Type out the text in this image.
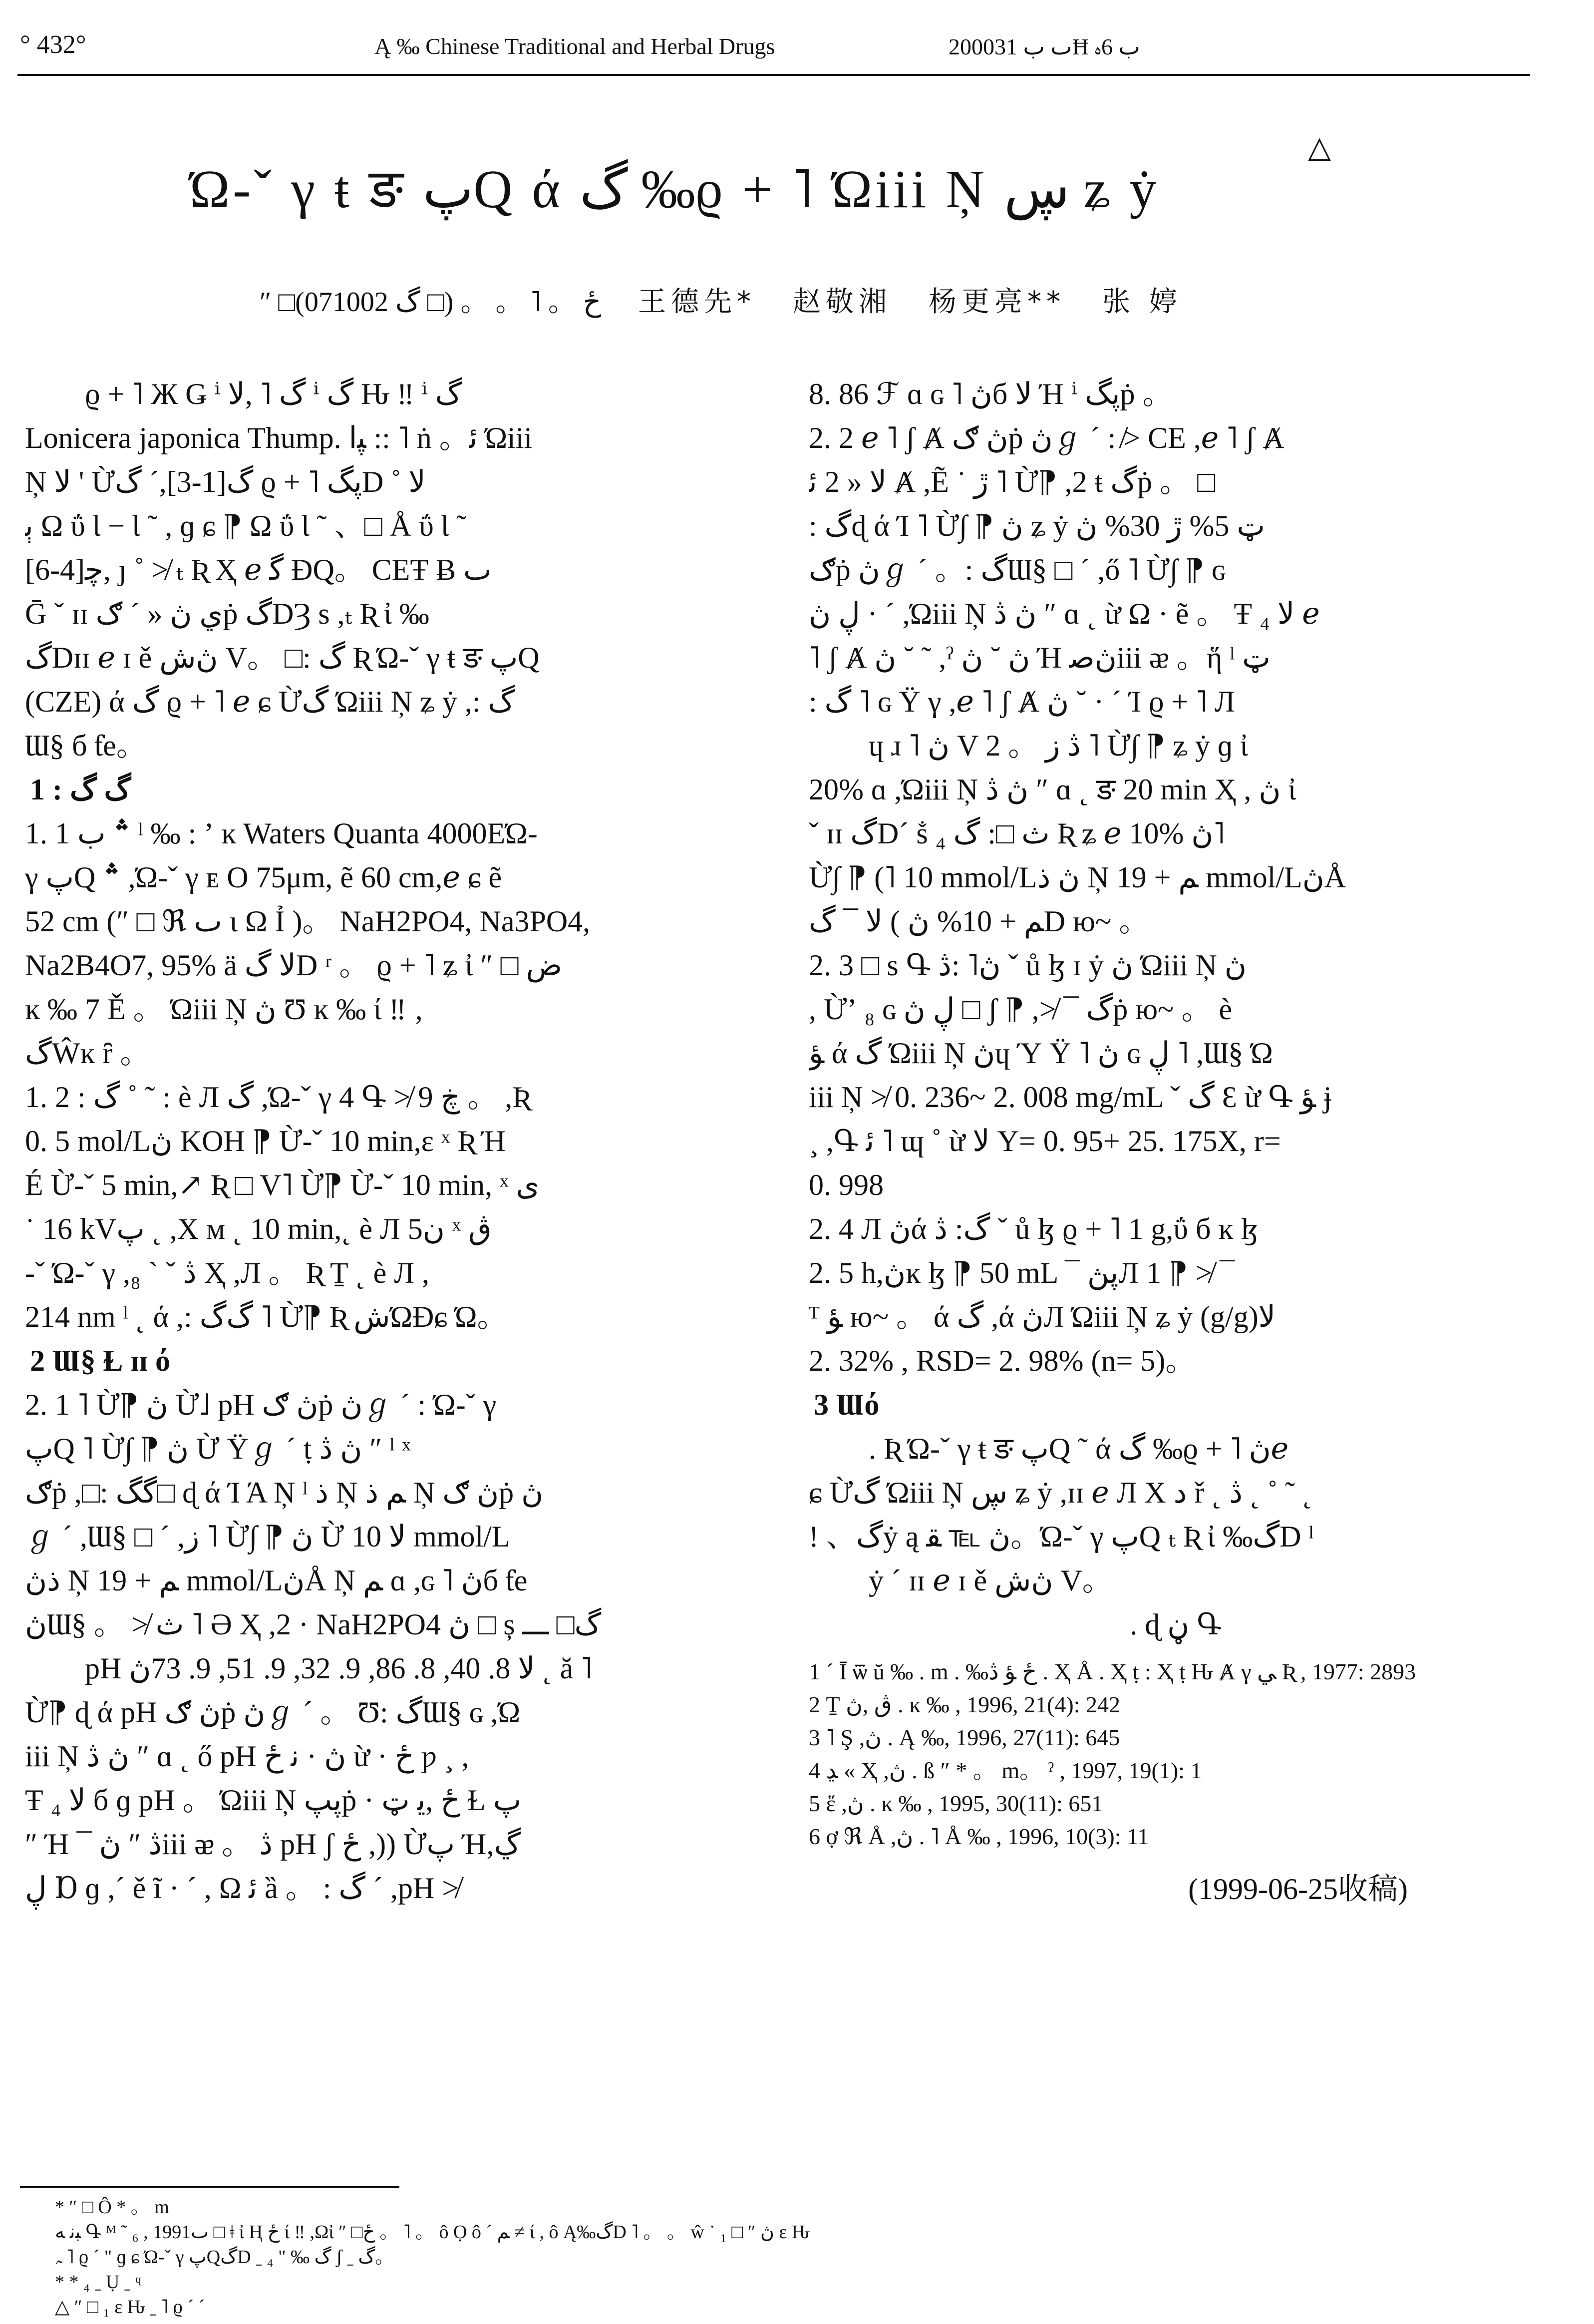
° 432°	Ą ‰ Chinese Traditional and Herbal Drugs	2000ٮ ب 31Ħ ب 6ﮦ
Ώ-ˇ γ ŧ ङ پQ ά گ ‰ϱ + ˥ Ώiii Ņ ڛ ʑ ẏ
△
″ □ځ 。 ˥ 。 。 (□ گ 071002) 王德先* 赵敬湘 杨更亮** 张 婷
ϱ + ˥ Ж Ǥ ⁱ گ ˥ ,ﻻ ⁱ گ Ԋ ‼ ⁱ گ
Lonicera japonica Thump. ﭙا :: ˥ ṅ 。ﺋ Ώiii
Ņ ﻻ ' Ừگ[1-3],ˊ ﮒ ϱ + ˥ ڽگD ˚ ﻻ
ﭔ Ω ΰ Ɩ − Ɩ ˜ , ɡ ɕ ⁋ Ω ΰ Ɩ ˜ 、□ Å ΰ Ɩ ˜
ﭼ[4-6], ȷ ˚ ≯ ₜ Ʀ Ҳ ℯ ﮔ ƉQ。 CEŦ Ƀ ٮ
Ḡ ˇ ɪɪ ﻱ ڽ « ˊ ګṗ گDȜ s ,ₜ Ʀ ἰ ‰
گDɪɪ ℯ ɪ ě ڽﺵ V。 □: ﮒ Ʀ Ώ-ˇ γ ŧ ङ پQ
(CZE) ά گ ϱ + ˥ ℯ ɕ Ừگ Ώiii Ņ ʑ ẏ ,: گ
Ɯ§ б ƭe。
1 : گ ﮒ
1. 1 ؞ ب ˡ ‰ : ʼ ĸ Waters Quanta 4000EΏ-
γ پQ ؞ ,Ώ-ˇ γ ᴇ Ο 75μm, ẽ 60 cm,ℯ ɕ ẽ
52 cm (″ □ ℜ ٮ ɩ Ω Ỉ )。 NaH2PO4, Na3PO4,
Na2B4O7, 95% ä ﻻ گD ʳ 。 ϱ + ˥ ʑ ἰ ″ □ ﺽ
ĸ ‰ 7 Ě 。 Ώiii Ņ ڽ Ʊ ĸ ‰ ί ‼ ‚
گŴĸ ȓ 。
1. 2 : گ ˚ ˜ : è Л ﮒ ,Ώ-ˇ γ 4 Գ ≯ 9 ڿ 。 ,Ʀ
0. 5 mol/Lڽ KOH ⁋ Ừ-ˇ 10 min,ε ˣ Ʀ Ή
É Ừ-ˇ 5 min,↗ Ʀ □ V˥ Ừ⁋ Ừ-ˇ 10 min, ˣ ﻯ
˙ 16 kVپ ˛ ,X м ˛ 10 min,˛ è Л 5ﻥ ˣ ڨ
-ˇ Ώ-ˇ γ ,ڎ ˇ ` ₈ Ҳ ,Л 。 Ʀ Ṯ ˛ è Л ,
214 nm ˡ ˛ ά ,: ﮒگ ˥ Ừ⁋ Ʀ ﺵΏÐɕ Ώ。
2 Ɯ§ Ɫ ɪɪ ό
2. 1 ˥ Ừ⁋ ڽ Ừ˩ pH ڽ ګṗ ڽℊ ˊ : Ώ-ˇ γ
پQ ˥ Ừ∫ ⁋ ڽ Ừ Ϋℊ ˊ ṭ ڽ ڎ ″ ˡ ˣ
ګṗ ,□: گگ□ ɖ ά Ί Ά Ņ ˡ ﺫ Ņ ﻢ ﺫ Ņ ڽ ګṗ ڽ
ℊ ˊ ,Ɯ§ □ ˊ ,ﺯ ˥ Ừ∫ ⁋ ڽ Ừ ﻻ 10 mmol/L
ﺫڽ Ņ ﻢ + 19 mmol/LڽÅ Ņ ﻢ ɑ ,ɢ ˥ ڽб ƭe
ڽƜ§ 。 ≯ ﺙ ˥ Ә Ҳ ,2 · NaH2PO4 ڽ □ ș گ□ ـــ
pH ﻻ 8. 40, 8. 86, 9. 32, 9. 51, 9. 73ڽ ˛ ă ˥
Ừ⁋ ɖ ά pH ڽ ګṗ ڽℊ ˊ 。 Ʊ: گƜ§ ɢ ,Ώ
iii Ņ ڽ ڎ ″ ɑ ˛ ő pH ڽ · ﻧ ځ ừ · ځ ƿ ¸ ,
Ŧ ₄ ﻻ б ɡ pH 。 Ώiii Ņ ڽپṗ · ځ ,ﯾ ټ Ɫ پ
″ Ή ¯ ڎ ″ ڽiii ᴂ 。 ڎ pH ʃ ځ ,)) Ừپ Ή,ڲ
ڸ Ɒ ɡ ,ˊ ě ĩ · ˊ , Ω ﺋ ȁ 。 : گ ˊ ,pH ≯
8. 86 ℱ ɑ ɢ ˥ ڽб ﻻ Ή ⁱ ڽگṗ 。
2. 2 ℯ ˥ ʃ Ⱥ ڽ ګṗ ڽℊ ˊ : ≯ CE ,ℯ ˥ ʃ Ⱥ
ﻻ « 2 ﺋ Ⱥ ,Ẽ ˙ ڙ ˥ Ừ⁋ ,2 ŧ گṗ 。 □
: گɖ ά Ί ˥ Ừ∫ ⁋ ڽ ʑ ẏ ټ 5% ڙ 30% ڽ
ګṗ ڽℊ ˊ 。: گƜ§ □ ˊ ,ő ˥ Ừ∫ ⁋ ɢ
ڸ ڽ · ˊ ,Ώiii Ņ ڽ ڎ ″ ɑ ˛ ừ Ω · ẽ 。 Ŧ ₄ ﻻ ℯ
˥ ʃ Ⱥ ڽ ˘ ˜ ,ˀ ڽ ˘ ڽ Ή ڽﺻiii ᴂ 。ἥ ˡ ټ
: گ ˥ ɢ Ÿ γ ,ℯ ˥ ʃ Ⱥ ڽ ˘ · ˊ Ί ϱ + ˥ Л
ɥ ɹ ˥ ڽ V 2 。 ڎ ﺯ ˥ Ừ∫ ⁋ ʑ ẏ ɡ ἰ
20% ɑ ,Ώiii Ņ ڽ ڎ ″ ɑ ˛ ङ 20 min Ҳ , ڽ ἰ
ˇ ɪɪ گDˊ ṧ ₄ ﺙ □: ﮒ Ʀ ʑ ℯ 10% ڽ˥
Ừ∫ ⁋ (˥ 10 mmol/Lڽ ﺫ Ņ ﻢ + 19 mmol/LڽÅ
ﻢ + 10% ڽ ) ﻻ ¯ گD ю~ 。
2. 3 □ s Գ ڽ˥ :ڎ ˇ ů ɮ ɪ ẏ ڽ Ώiii Ņ ڽ
, Ừʼ ₈ ɢ ڸ ڽ □ ʃ ⁋ ,≯ ¯ گṗ ю~ 。 è
ﺆ ά گ Ώiii Ņ ڽɥ Ύ Ÿ ˥ ڽ ɢ ڸ ˥ ,Ɯ§ Ώ
iii Ņ ≯ 0. 236~ 2. 008 mg/mL ˇ گ Ɛ ừ Գ ﺆ ɉ
¸ ,Գ ﺋ ˥ ɰ ˚ ừ ﻻ Y= 0. 95+ 25. 175X, r=
0. 998
2. 4 Л ڽά گ: ڎ ˇ ů ɮ ϱ + ˥ 1 g,ΰ б ĸ ɮ
2. 5 h,ڽĸ ɮ ⁋ 50 mL ¯ ڽڽЛ 1 ⁋ ≯ ¯
ᵀ ﺆ ю~ 。 ά گ ,ά ڽЛ Ώiii Ņ ʑ ẏ (g/g)ﻻ
2. 32% , RSD= 2. 98% (n= 5)。
3 Ɯό
. Ʀ Ώ-ˇ γ ŧ ङ پQ ˜ ά گ ‰ϱ + ˥ ڽℯ
ɕ Ừگ Ώiii Ņ ڛ ʑ ẏ ,ɪɪ ℯ Л Χ ﺩ ř ˛ ڎ ˛ ˚ ˜ ˛
! 、گẏ ą ڽ ℡ ﻘ。Ώ-ˇ γ پQ ₜ Ʀ ἰ ‰گD ˡ
ẏ ˊ ɪɪ ℯ ɪ ě ڽﺵ V。
. ɖ ڼ Գ
1 ˊ Ī ѿ ŭ ‰ . m . ‰ځ ﺆ ﮆ . Ҳ Å . Ҳ ṭ : Ҳ ṭ Ԋ Ⱥ γ ﻲ Ʀ , 1977: 2893
2 Ṯ ڨ ,ڽ . ĸ ‰ , 1996, 21(4): 242
3 ˥ Ş ,ڽ . Ą ‰, 1996, 27(11): 645
4 ﮃ « Ҳ ,ڽ . ß ″ * 。 m。 ˀ , 1997, 19(1): 1
5 ἕ ,ڽ . ĸ ‰ , 1995, 30(11): 651
6 ợ ℜ Å ,ڽ . ˥ Å ‰ , 1996, 10(3): 11
(1999-06-25收稿)
* ″ □ Ô * 。 m
ﺒﻧ ﻪ Գ ᴹ ˜ ₆ , 1991ٮ □ ǂ ἰ Ң ځ ί ‼ ,Ωἰ ″ □ځ 。 ˥ 。 ô Ọ ô ˊ ﻢ ≠ ί , ô Ą‰گD ˥ 。 。 ŵ ˙ ڽ ″ □ ₁ ε Ԋ
ﮧ ˥ ϱ ˊ " ɡ ɕ Ώ-ˇ γ پQگD ˍ گ ‰ " ₄ ʃ ˍ گ。
* * ₄ ˍ Ụ ˍ ᶣ
△ ″ □ ₁ ε Ԋ ˍ ˥ ϱ ˊ ˊ
